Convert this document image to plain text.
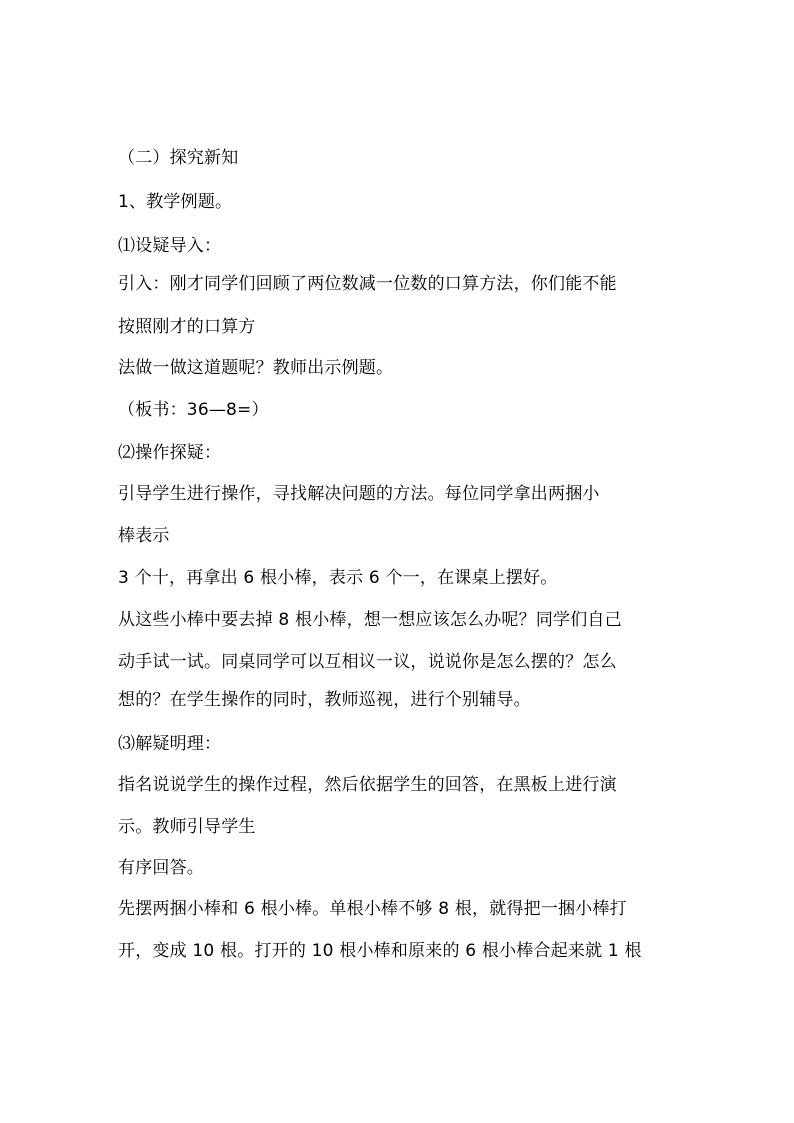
（二）探究新知
1、教学例题。
⑴设疑导入：
引入：刚才同学们回顾了两位数减一位数的口算方法，你们能不能
按照刚才的口算方
法做一做这道题呢？教师出示例题。
（板书：36—8=）
⑵操作探疑：
引导学生进行操作，寻找解决问题的方法。每位同学拿出两捆小
棒表示
3 个十，再拿出 6 根小棒，表示 6 个一，在课桌上摆好。
从这些小棒中要去掉 8 根小棒，想一想应该怎么办呢？同学们自己
动手试一试。同桌同学可以互相议一议，说说你是怎么摆的？怎么
想的？在学生操作的同时，教师巡视，进行个别辅导。
⑶解疑明理：
指名说说学生的操作过程，然后依据学生的回答，在黑板上进行演
示。教师引导学生
有序回答。
先摆两捆小棒和 6 根小棒。单根小棒不够 8 根，就得把一捆小棒打
开，变成 10 根。打开的 10 根小棒和原来的 6 根小棒合起来就 1 根
